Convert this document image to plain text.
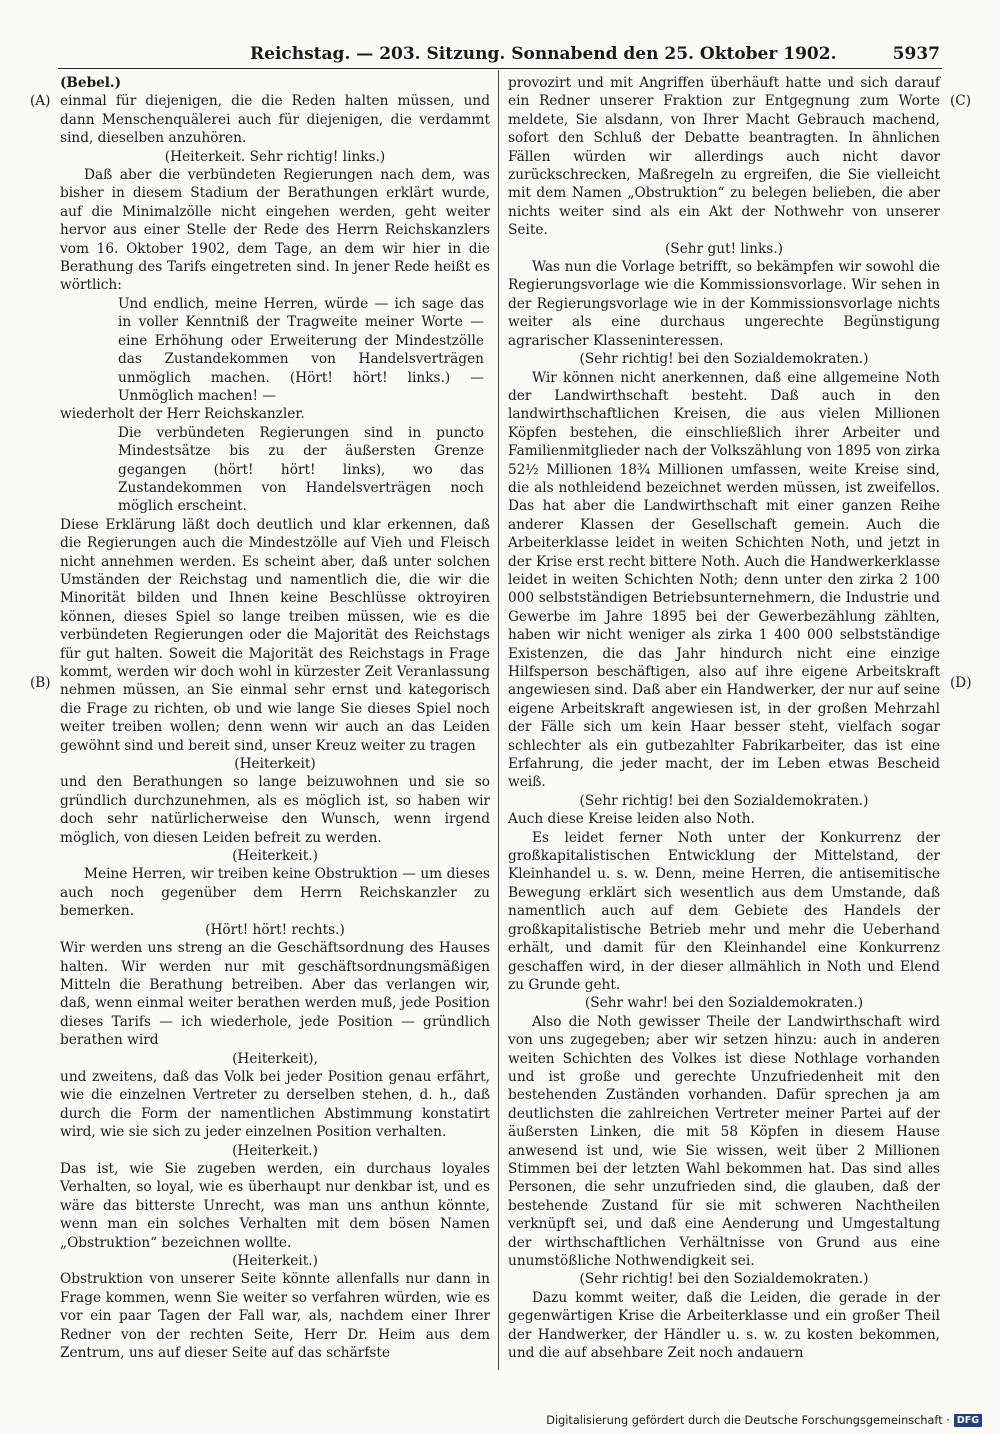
Reichstag. — 203. Sitzung. Sonnabend den 25. Oktober 1902.	5937
(A)
(B)
(C)
(D)

(Bebel.)

einmal für diejenigen, die die Reden halten müssen, und dann Menschenquälerei auch für diejenigen, die verdammt sind, dieselben anzuhören.

(Heiterkeit. Sehr richtig! links.)

Daß aber die verbündeten Regierungen nach dem, was bisher in diesem Stadium der Berathungen erklärt wurde, auf die Minimalzölle nicht eingehen werden, geht weiter hervor aus einer Stelle der Rede des Herrn Reichskanzlers vom 16. Oktober 1902, dem Tage, an dem wir hier in die Berathung des Tarifs eingetreten sind. In jener Rede heißt es wörtlich:

Und endlich, meine Herren, würde — ich sage das in voller Kenntniß der Tragweite meiner Worte — eine Erhöhung oder Erweiterung der Mindestzölle das Zustandekommen von Handelsverträgen unmöglich machen. (Hört! hört! links.) — Unmöglich machen! —

wiederholt der Herr Reichskanzler.

Die verbündeten Regierungen sind in puncto Mindestsätze bis zu der äußersten Grenze gegangen (hört! hört! links), wo das Zustandekommen von Handelsverträgen noch möglich erscheint.

Diese Erklärung läßt doch deutlich und klar erkennen, daß die Regierungen auch die Mindestzölle auf Vieh und Fleisch nicht annehmen werden. Es scheint aber, daß unter solchen Umständen der Reichstag und namentlich die, die wir die Minorität bilden und Ihnen keine Beschlüsse oktroyiren können, dieses Spiel so lange treiben müssen, wie es die verbündeten Regierungen oder die Majorität des Reichstags für gut halten. Soweit die Majorität des Reichstags in Frage kommt, werden wir doch wohl in kürzester Zeit Veranlassung nehmen müssen, an Sie einmal sehr ernst und kategorisch die Frage zu richten, ob und wie lange Sie dieses Spiel noch weiter treiben wollen; denn wenn wir auch an das Leiden gewöhnt sind und bereit sind, unser Kreuz weiter zu tragen

(Heiterkeit)

und den Berathungen so lange beizuwohnen und sie so gründlich durchzunehmen, als es möglich ist, so haben wir doch sehr natürlicherweise den Wunsch, wenn irgend möglich, von diesen Leiden befreit zu werden.

(Heiterkeit.)

Meine Herren, wir treiben keine Obstruktion — um dieses auch noch gegenüber dem Herrn Reichskanzler zu bemerken.

(Hört! hört! rechts.)

Wir werden uns streng an die Geschäftsordnung des Hauses halten. Wir werden nur mit geschäftsordnungsmäßigen Mitteln die Berathung betreiben. Aber das verlangen wir, daß, wenn einmal weiter berathen werden muß, jede Position dieses Tarifs — ich wiederhole, jede Position — gründlich berathen wird

(Heiterkeit),

und zweitens, daß das Volk bei jeder Position genau erfährt, wie die einzelnen Vertreter zu derselben stehen, d. h., daß durch die Form der namentlichen Abstimmung konstatirt wird, wie sie sich zu jeder einzelnen Position verhalten.

(Heiterkeit.)

Das ist, wie Sie zugeben werden, ein durchaus loyales Verhalten, so loyal, wie es überhaupt nur denkbar ist, und es wäre das bitterste Unrecht, was man uns anthun könnte, wenn man ein solches Verhalten mit dem bösen Namen „Obstruktion“ bezeichnen wollte.

(Heiterkeit.)

Obstruktion von unserer Seite könnte allenfalls nur dann in Frage kommen, wenn Sie weiter so verfahren würden, wie es vor ein paar Tagen der Fall war, als, nachdem einer Ihrer Redner von der rechten Seite, Herr Dr. Heim aus dem Zentrum, uns auf dieser Seite auf das schärfste

provozirt und mit Angriffen überhäuft hatte und sich darauf ein Redner unserer Fraktion zur Entgegnung zum Worte meldete, Sie alsdann, von Ihrer Macht Gebrauch machend, sofort den Schluß der Debatte beantragten. In ähnlichen Fällen würden wir allerdings auch nicht davor zurückschrecken, Maßregeln zu ergreifen, die Sie vielleicht mit dem Namen „Obstruktion“ zu belegen belieben, die aber nichts weiter sind als ein Akt der Nothwehr von unserer Seite.

(Sehr gut! links.)

Was nun die Vorlage betrifft, so bekämpfen wir sowohl die Regierungsvorlage wie die Kommissionsvorlage. Wir sehen in der Regierungsvorlage wie in der Kommissionsvorlage nichts weiter als eine durchaus ungerechte Begünstigung agrarischer Klasseninteressen.

(Sehr richtig! bei den Sozialdemokraten.)

Wir können nicht anerkennen, daß eine allgemeine Noth der Landwirthschaft besteht. Daß auch in den landwirthschaftlichen Kreisen, die aus vielen Millionen Köpfen bestehen, die einschließlich ihrer Arbeiter und Familienmitglieder nach der Volkszählung von 1895 von zirka 52½ Millionen 18¾ Millionen umfassen, weite Kreise sind, die als nothleidend bezeichnet werden müssen, ist zweifellos. Das hat aber die Landwirthschaft mit einer ganzen Reihe anderer Klassen der Gesellschaft gemein. Auch die Arbeiterklasse leidet in weiten Schichten Noth, und jetzt in der Krise erst recht bittere Noth. Auch die Handwerkerklasse leidet in weiten Schichten Noth; denn unter den zirka 2 100 000 selbstständigen Betriebsunternehmern, die Industrie und Gewerbe im Jahre 1895 bei der Gewerbezählung zählten, haben wir nicht weniger als zirka 1 400 000 selbstständige Existenzen, die das Jahr hindurch nicht eine einzige Hilfsperson beschäftigen, also auf ihre eigene Arbeitskraft angewiesen sind. Daß aber ein Handwerker, der nur auf seine eigene Arbeitskraft angewiesen ist, in der großen Mehrzahl der Fälle sich um kein Haar besser steht, vielfach sogar schlechter als ein gutbezahlter Fabrikarbeiter, das ist eine Erfahrung, die jeder macht, der im Leben etwas Bescheid weiß.

(Sehr richtig! bei den Sozialdemokraten.)

Auch diese Kreise leiden also Noth.

Es leidet ferner Noth unter der Konkurrenz der großkapitalistischen Entwicklung der Mittelstand, der Kleinhandel u. s. w. Denn, meine Herren, die antisemitische Bewegung erklärt sich wesentlich aus dem Umstande, daß namentlich auch auf dem Gebiete des Handels der großkapitalistische Betrieb mehr und mehr die Ueberhand erhält, und damit für den Kleinhandel eine Konkurrenz geschaffen wird, in der dieser allmählich in Noth und Elend zu Grunde geht.

(Sehr wahr! bei den Sozialdemokraten.)

Also die Noth gewisser Theile der Landwirthschaft wird von uns zugegeben; aber wir setzen hinzu: auch in anderen weiten Schichten des Volkes ist diese Nothlage vorhanden und ist große und gerechte Unzufriedenheit mit den bestehenden Zuständen vorhanden. Dafür sprechen ja am deutlichsten die zahlreichen Vertreter meiner Partei auf der äußersten Linken, die mit 58 Köpfen in diesem Hause anwesend ist und, wie Sie wissen, weit über 2 Millionen Stimmen bei der letzten Wahl bekommen hat. Das sind alles Personen, die sehr unzufrieden sind, die glauben, daß der bestehende Zustand für sie mit schweren Nachtheilen verknüpft sei, und daß eine Aenderung und Umgestaltung der wirthschaftlichen Verhältnisse von Grund aus eine unumstößliche Nothwendigkeit sei.

(Sehr richtig! bei den Sozialdemokraten.)

Dazu kommt weiter, daß die Leiden, die gerade in der gegenwärtigen Krise die Arbeiterklasse und ein großer Theil der Handwerker, der Händler u. s. w. zu kosten bekommen, und die auf absehbare Zeit noch andauern

Digitalisierung gefördert durch die Deutsche Forschungsgemeinschaft · DFG
